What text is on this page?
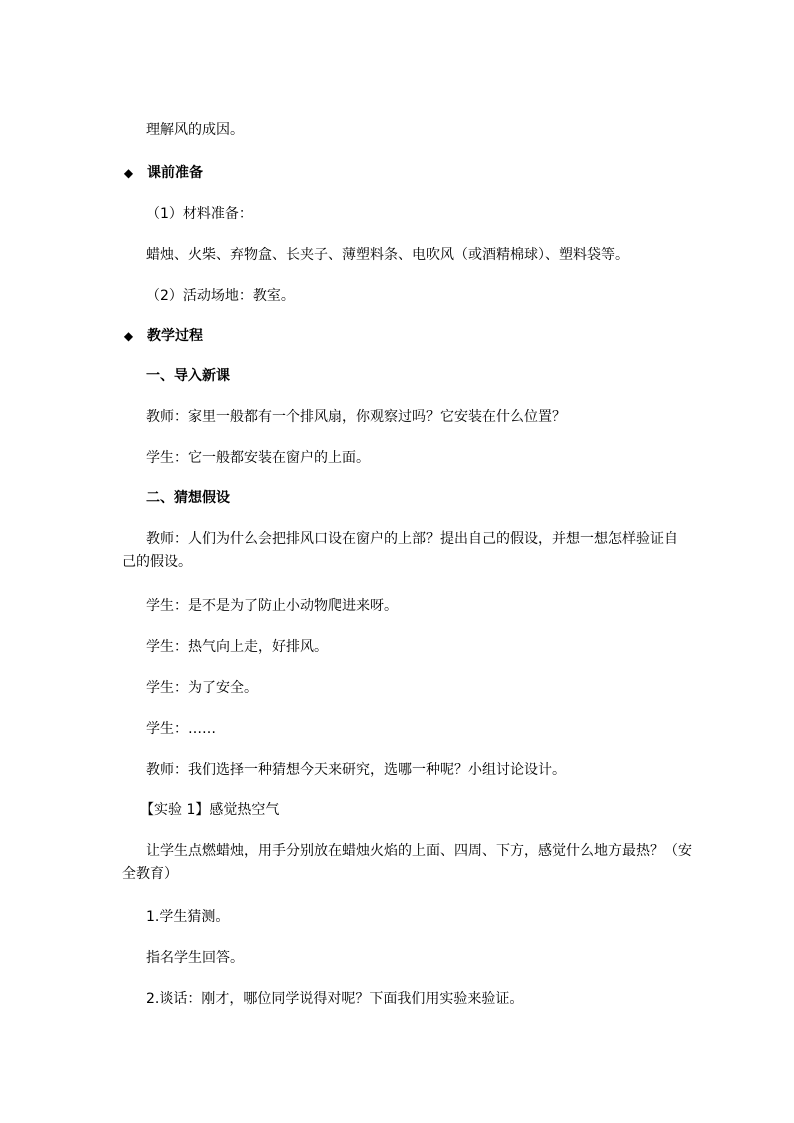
理解风的成因。

◆ 课前准备

（1）材料准备：

蜡烛、火柴、弃物盒、长夹子、薄塑料条、电吹风（或酒精棉球）、塑料袋等。

（2）活动场地：教室。

◆ 教学过程

一、导入新课

教师：家里一般都有一个排风扇，你观察过吗？它安装在什么位置？

学生：它一般都安装在窗户的上面。

二、猜想假设

教师：人们为什么会把排风口设在窗户的上部？提出自己的假设，并想一想怎样验证自己的假设。

学生：是不是为了防止小动物爬进来呀。

学生：热气向上走，好排风。

学生：为了安全。

学生：……

教师：我们选择一种猜想今天来研究，选哪一种呢？小组讨论设计。

【实验 1】感觉热空气

让学生点燃蜡烛，用手分别放在蜡烛火焰的上面、四周、下方，感觉什么地方最热？（安全教育）

1.学生猜测。

指名学生回答。

2.谈话：刚才，哪位同学说得对呢？下面我们用实验来验证。
